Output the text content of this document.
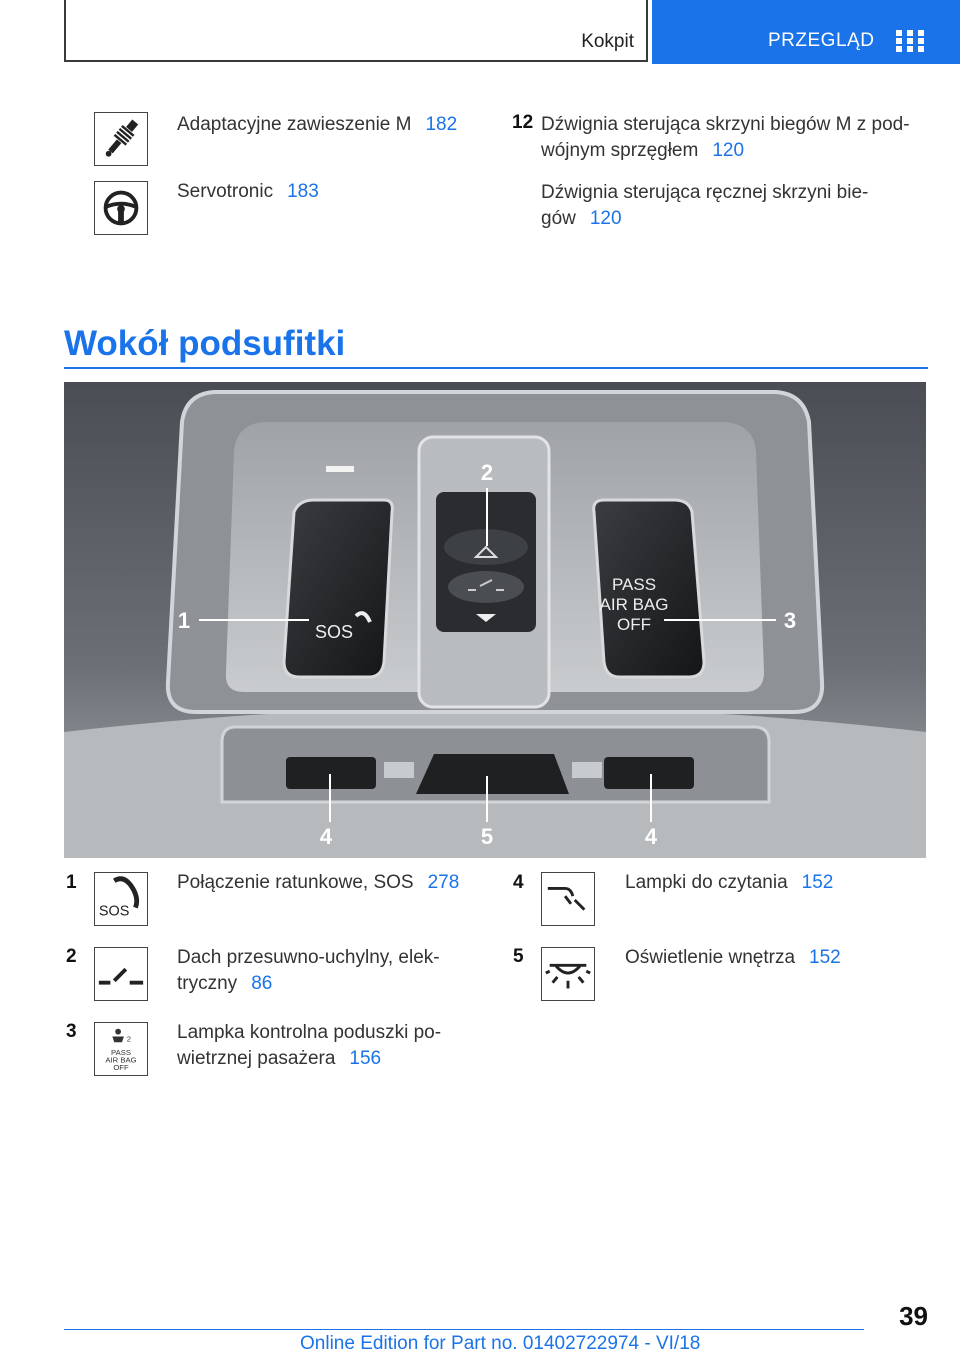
Kokpit	PRZEGLĄD
Adaptacyjne zawieszenie M 182
Servotronic 183
12 Dźwignia sterująca skrzyni biegów M z pod-
wójnym sprzęgłem 120
Dźwignia sterująca ręcznej skrzyni bie-
gów 120
Wokół podsufitki
SOS
PASS
AIR BAG
OFF
2
1	3
4	5	4
1
SOS
Połączenie ratunkowe, SOS 278
2	Dach przesuwno-uchylny, elek-
tryczny 86
3	2
PASS
AIR BAG
OFF
Lampka kontrolna poduszki po-
wietrznej pasażera 156
4	Lampki do czytania 152
5	Oświetlenie wnętrza 152
39
Online Edition for Part no. 01402722974 - VI/18
